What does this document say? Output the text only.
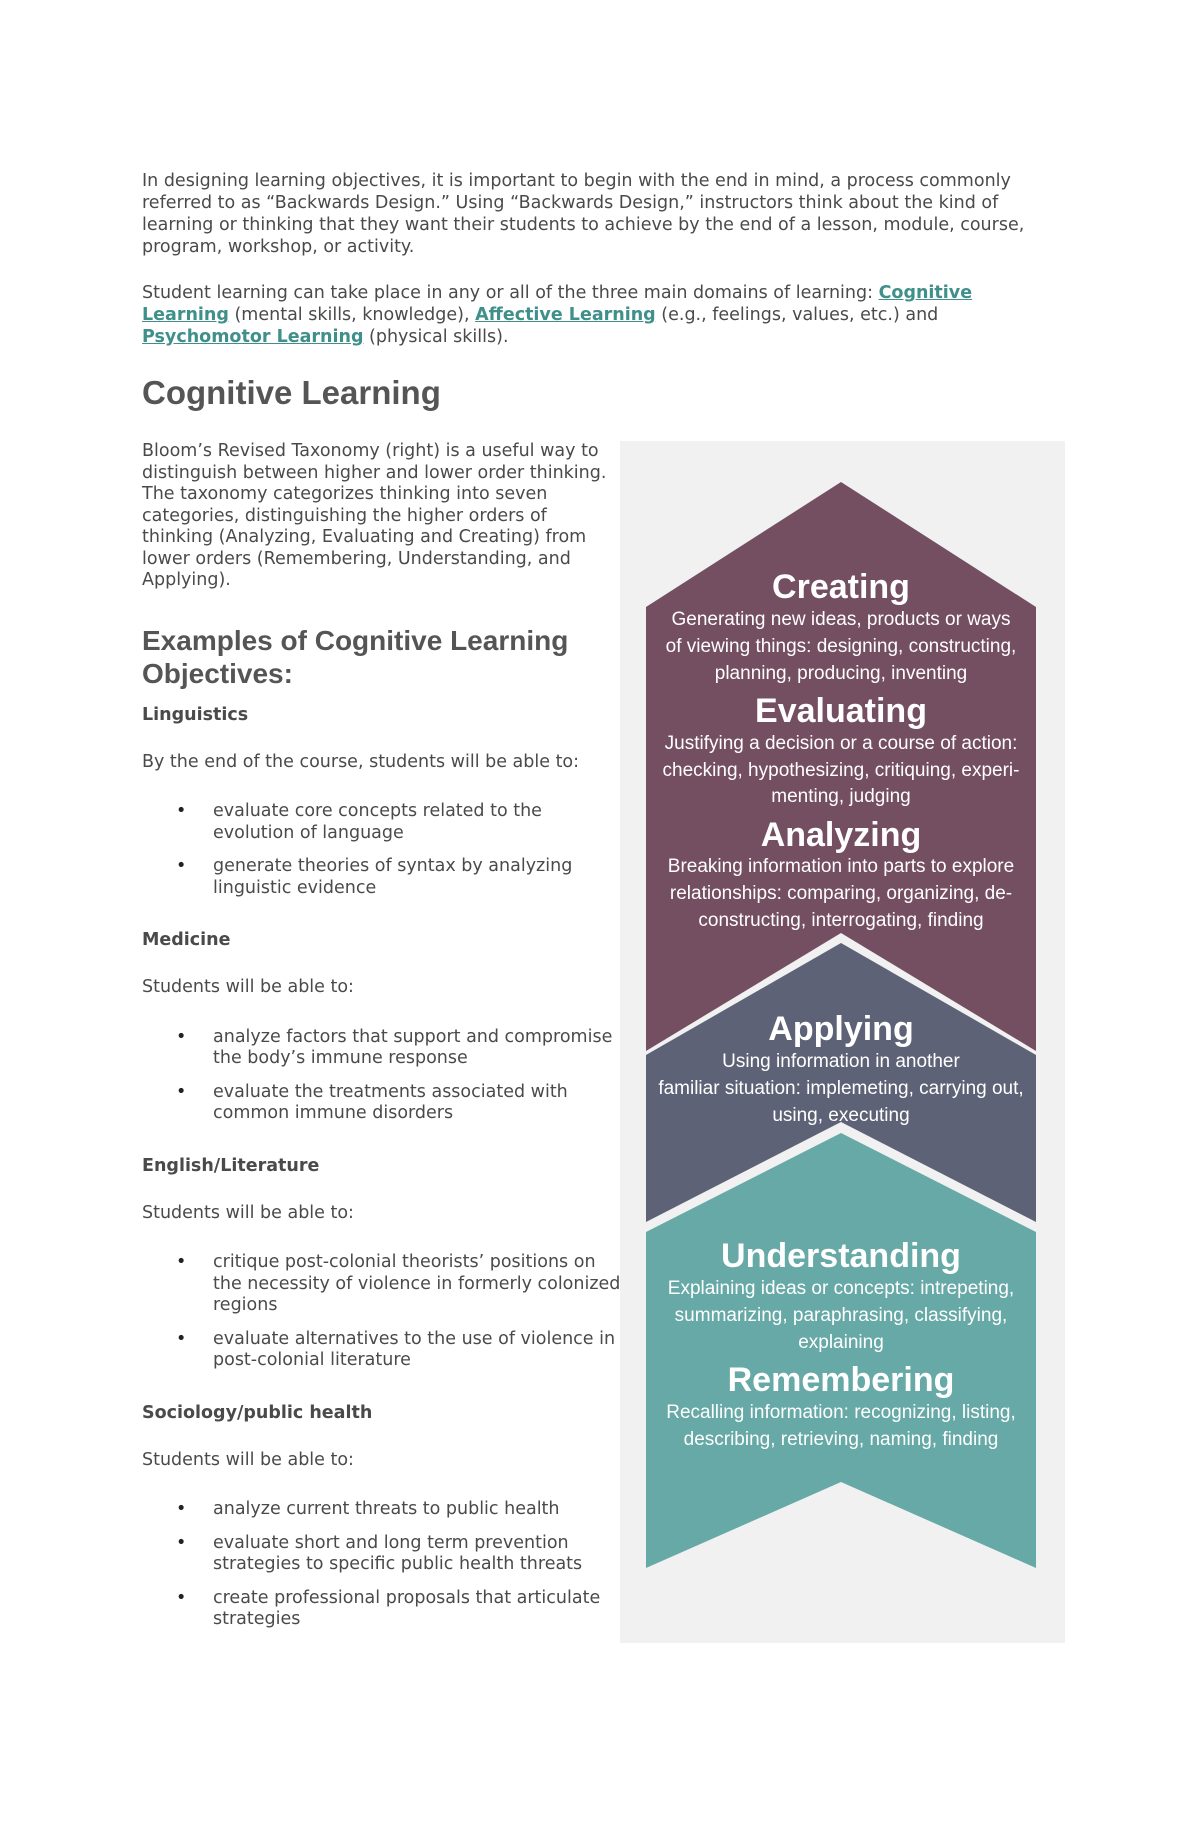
In designing learning objectives, it is important to begin with the end in mind, a process commonly referred to as “Backwards Design.” Using “Backwards Design,” instructors think about the kind of learning or thinking that they want their students to achieve by the end of a lesson, module, course, program, workshop, or activity.

Student learning can take place in any or all of the three main domains of learning: Cognitive Learning (mental skills, knowledge), Affective Learning (e.g., feelings, values, etc.) and Psychomotor Learning (physical skills).

Cognitive Learning

Bloom’s Revised Taxonomy (right) is a useful way to distinguish between higher and lower order thinking. The taxonomy categorizes thinking into seven categories, distinguishing the higher orders of thinking (Analyzing, Evaluating and Creating) from lower orders (Remembering, Understanding, and Applying).

Examples of Cognitive Learning Objectives:
Linguistics

By the end of the course, students will be able to:

• evaluate core concepts related to the evolution of language
• generate theories of syntax by analyzing linguistic evidence
Medicine

Students will be able to:

• analyze factors that support and compromise the body’s immune response
• evaluate the treatments associated with common immune disorders
English/Literature

Students will be able to:

• critique post-colonial theorists’ positions on the necessity of violence in formerly colonized regions
• evaluate alternatives to the use of violence in post-colonial literature
Sociology/public health

Students will be able to:

• analyze current threats to public health
• evaluate short and long term prevention strategies to specific public health threats
• create professional proposals that articulate strategies
Creating
Generating new ideas, products or ways
of viewing things: designing, constructing,
planning, producing, inventing
Evaluating
Justifying a decision or a course of action:
checking, hypothesizing, critiquing, experi-
menting, judging
Analyzing
Breaking information into parts to explore
relationships: comparing, organizing, de-
constructing, interrogating, finding
Applying
Using information in another
familiar situation: implemeting, carrying out,
using, executing
Understanding
Explaining ideas or concepts: intrepeting,
summarizing, paraphrasing, classifying,
explaining
Remembering
Recalling information: recognizing, listing,
describing, retrieving, naming, finding
